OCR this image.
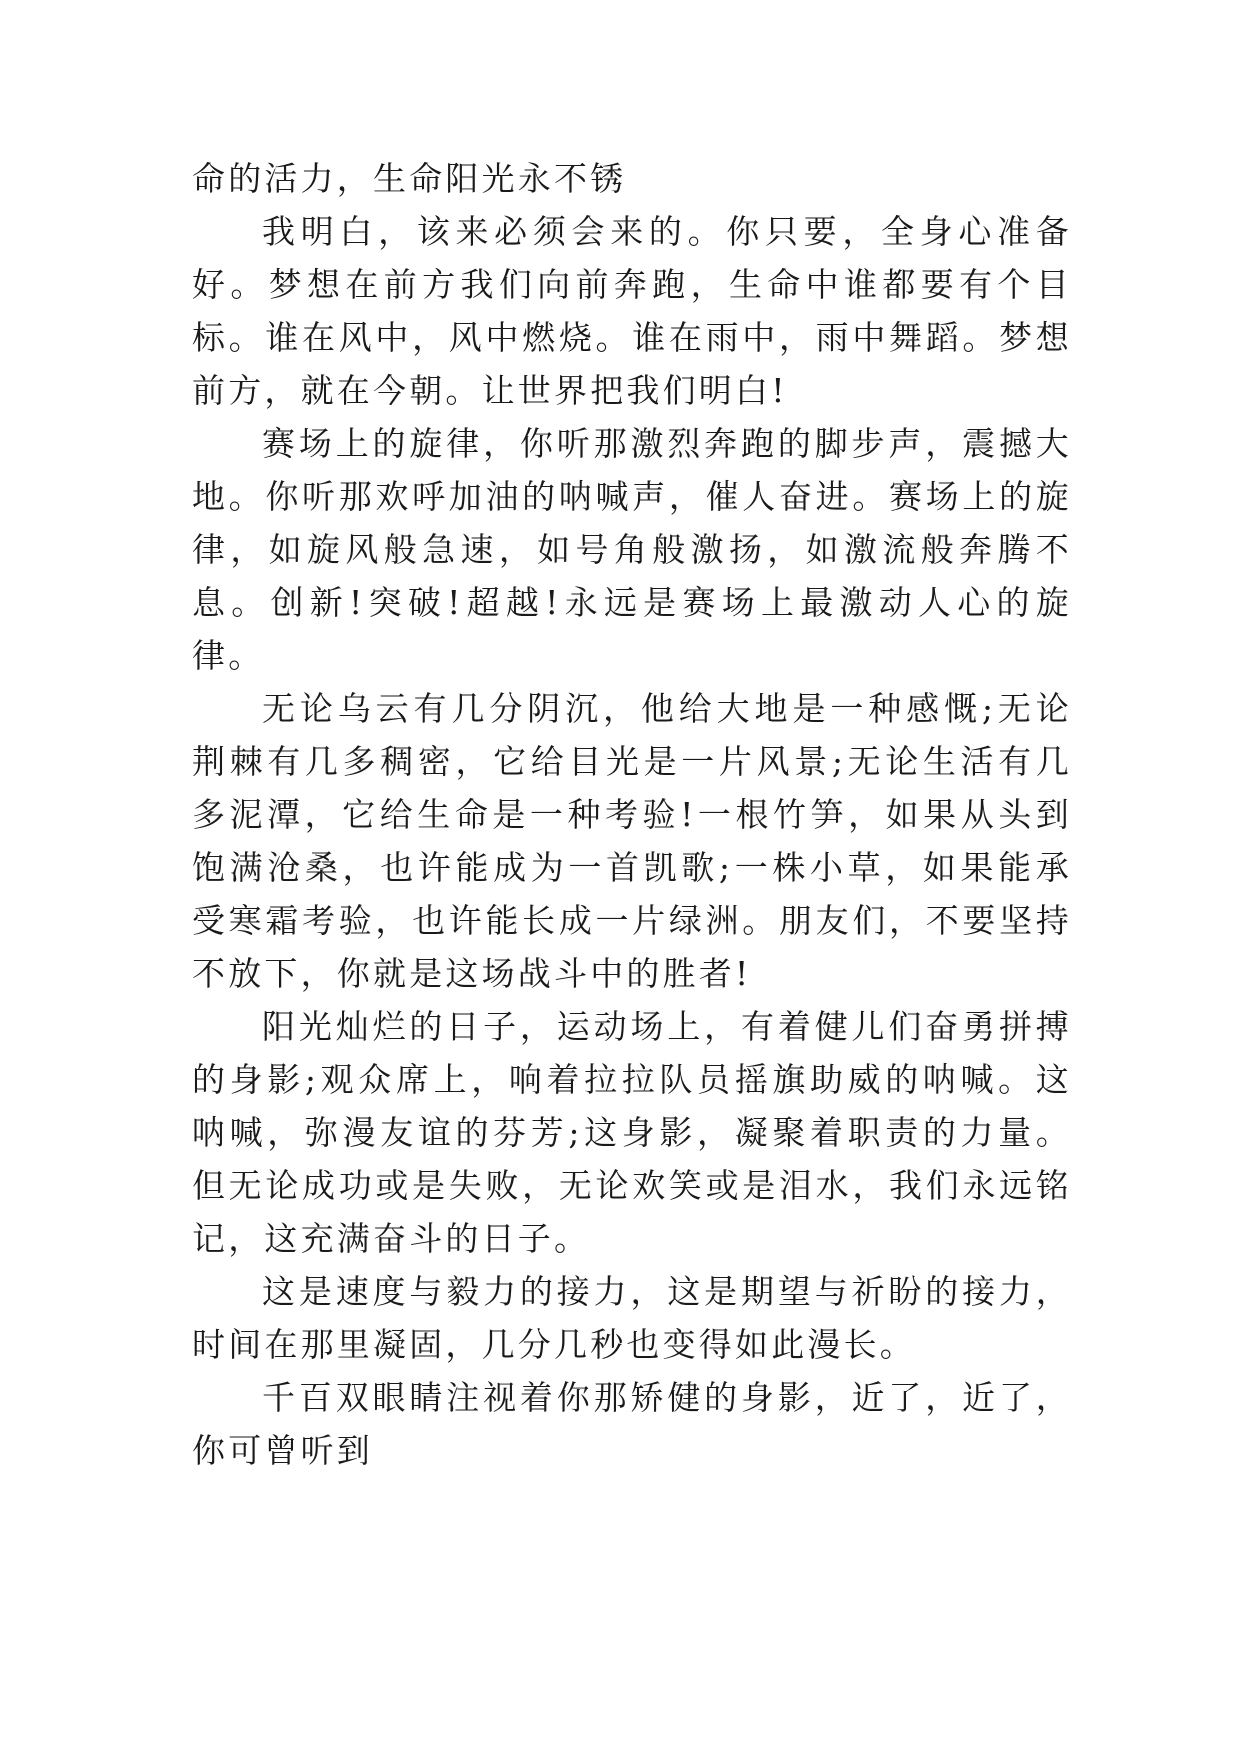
命的活力，生命阳光永不锈

我明白，该来必须会来的。你只要，全身心准备好。梦想在前方我们向前奔跑，生命中谁都要有个目标。谁在风中，风中燃烧。谁在雨中，雨中舞蹈。梦想前方，就在今朝。让世界把我们明白!

赛场上的旋律，你听那激烈奔跑的脚步声，震撼大地。你听那欢呼加油的呐喊声，催人奋进。赛场上的旋律，如旋风般急速，如号角般激扬，如激流般奔腾不息。创新!突破!超越!永远是赛场上最激动人心的旋律。

无论乌云有几分阴沉，他给大地是一种感慨;无论荆棘有几多稠密，它给目光是一片风景;无论生活有几多泥潭，它给生命是一种考验!一根竹笋，如果从头到饱满沧桑，也许能成为一首凯歌;一株小草，如果能承受寒霜考验，也许能长成一片绿洲。朋友们，不要坚持不放下，你就是这场战斗中的胜者!

阳光灿烂的日子，运动场上，有着健儿们奋勇拼搏的身影;观众席上，响着拉拉队员摇旗助威的呐喊。这呐喊，弥漫友谊的芬芳;这身影，凝聚着职责的力量。但无论成功或是失败，无论欢笑或是泪水，我们永远铭记，这充满奋斗的日子。

这是速度与毅力的接力，这是期望与祈盼的接力，时间在那里凝固，几分几秒也变得如此漫长。

千百双眼睛注视着你那矫健的身影，近了，近了，你可曾听到
